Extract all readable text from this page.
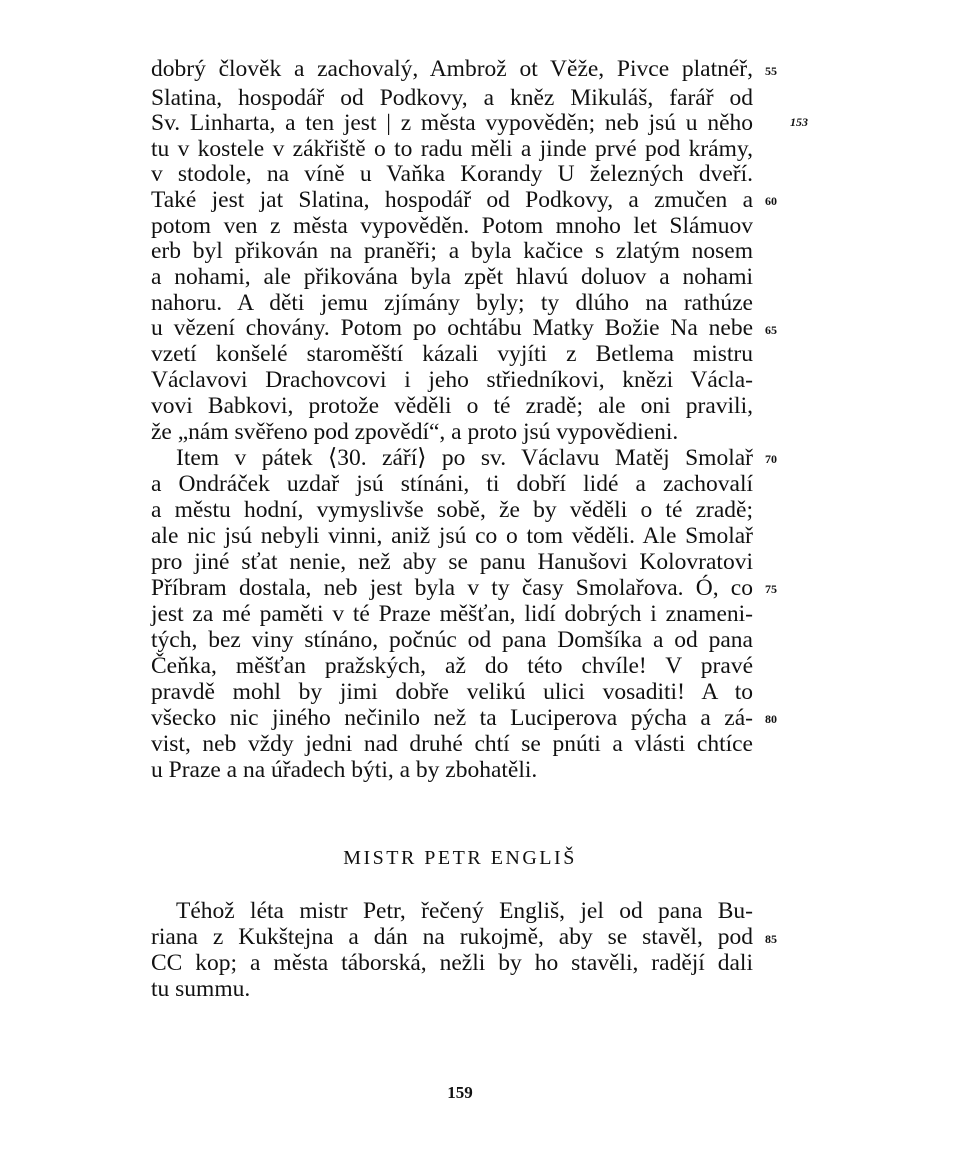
dobrý člověk a zachovalý, Ambrož ot Věže, Pivce platnéř,
Slatina, hospodář od Podkovy, a kněz Mikuláš, farář od
Sv. Linharta, a ten jest | z města vypověděn; neb jsú u něho
tu v kostele v zákřiště o to radu měli a jinde prvé pod krámy,
v stodole, na víně u Vaňka Korandy U železných dveří.
Také jest jat Slatina, hospodář od Podkovy, a zmučen a
potom ven z města vypověděn. Potom mnoho let Slámuov
erb byl přikován na praněři; a byla kačice s zlatým nosem
a nohami, ale přikována byla zpět hlavú doluov a nohami
nahoru. A děti jemu zjímány byly; ty dlúho na rathúze
u vězení chovány. Potom po ochtábu Matky Božie Na nebe
vzetí konšelé staroměští kázali vyjíti z Betlema mistru
Václavovi Drachovcovi i jeho střiedníkovi, knězi Václa-
vovi Babkovi, protože věděli o té zradě; ale oni pravili,
že „nám svěřeno pod zpovědí“, a proto jsú vypovědieni.
Item v pátek ⟨30. září⟩ po sv. Václavu Matěj Smolař
a Ondráček uzdař jsú stínáni, ti dobří lidé a zachovalí
a městu hodní, vymyslivše sobě, že by věděli o té zradě;
ale nic jsú nebyli vinni, aniž jsú co o tom věděli. Ale Smolař
pro jiné sťat nenie, než aby se panu Hanušovi Kolovratovi
Příbram dostala, neb jest byla v ty časy Smolařova. Ó, co
jest za mé paměti v té Praze měšťan, lidí dobrých i znameni-
tých, bez viny stínáno, počnúc od pana Domšíka a od pana
Čeňka, měšťan pražských, až do této chvíle! V pravé
pravdě mohl by jimi dobře velikú ulici vosaditi! A to
všecko nic jiného nečinilo než ta Luciperova pýcha a zá-
vist, neb vždy jedni nad druhé chtí se pnúti a vlásti chtíce
u Praze a na úřadech býti, a by zbohatěli.
55
153
60
65
70
75
80
85
MISTR PETR ENGLIŠ
Téhož léta mistr Petr, řečený Engliš, jel od pana Bu-
riana z Kukštejna a dán na rukojmě, aby se stavěl, pod
CC kop; a města táborská, nežli by ho stavěli, radějí dali
tu summu.
159
